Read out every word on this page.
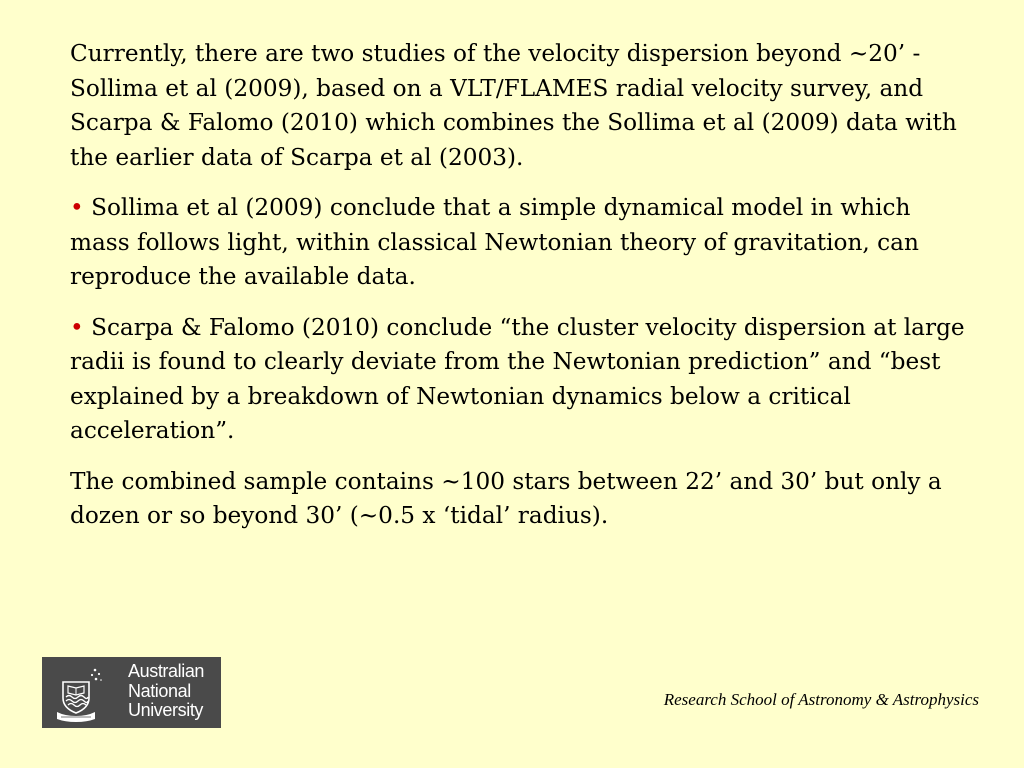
Currently, there are two studies of the velocity dispersion beyond ~20’ - Sollima et al (2009), based on a VLT/FLAMES radial velocity survey, and Scarpa & Falomo (2010) which combines the Sollima et al (2009) data with the earlier data of Scarpa et al (2003).

• Sollima et al (2009) conclude that a simple dynamical model in which mass follows light, within classical Newtonian theory of gravitation, can reproduce the available data.

• Scarpa & Falomo (2010) conclude “the cluster velocity dispersion at large radii is found to clearly deviate from the Newtonian prediction” and “best explained by a breakdown of Newtonian dynamics below a critical acceleration”.

The combined sample contains ~100 stars between 22’ and 30’ but only a dozen or so beyond 30’ (~0.5 x ‘tidal’ radius).

Australian
National
University
Research School of Astronomy & Astrophysics
